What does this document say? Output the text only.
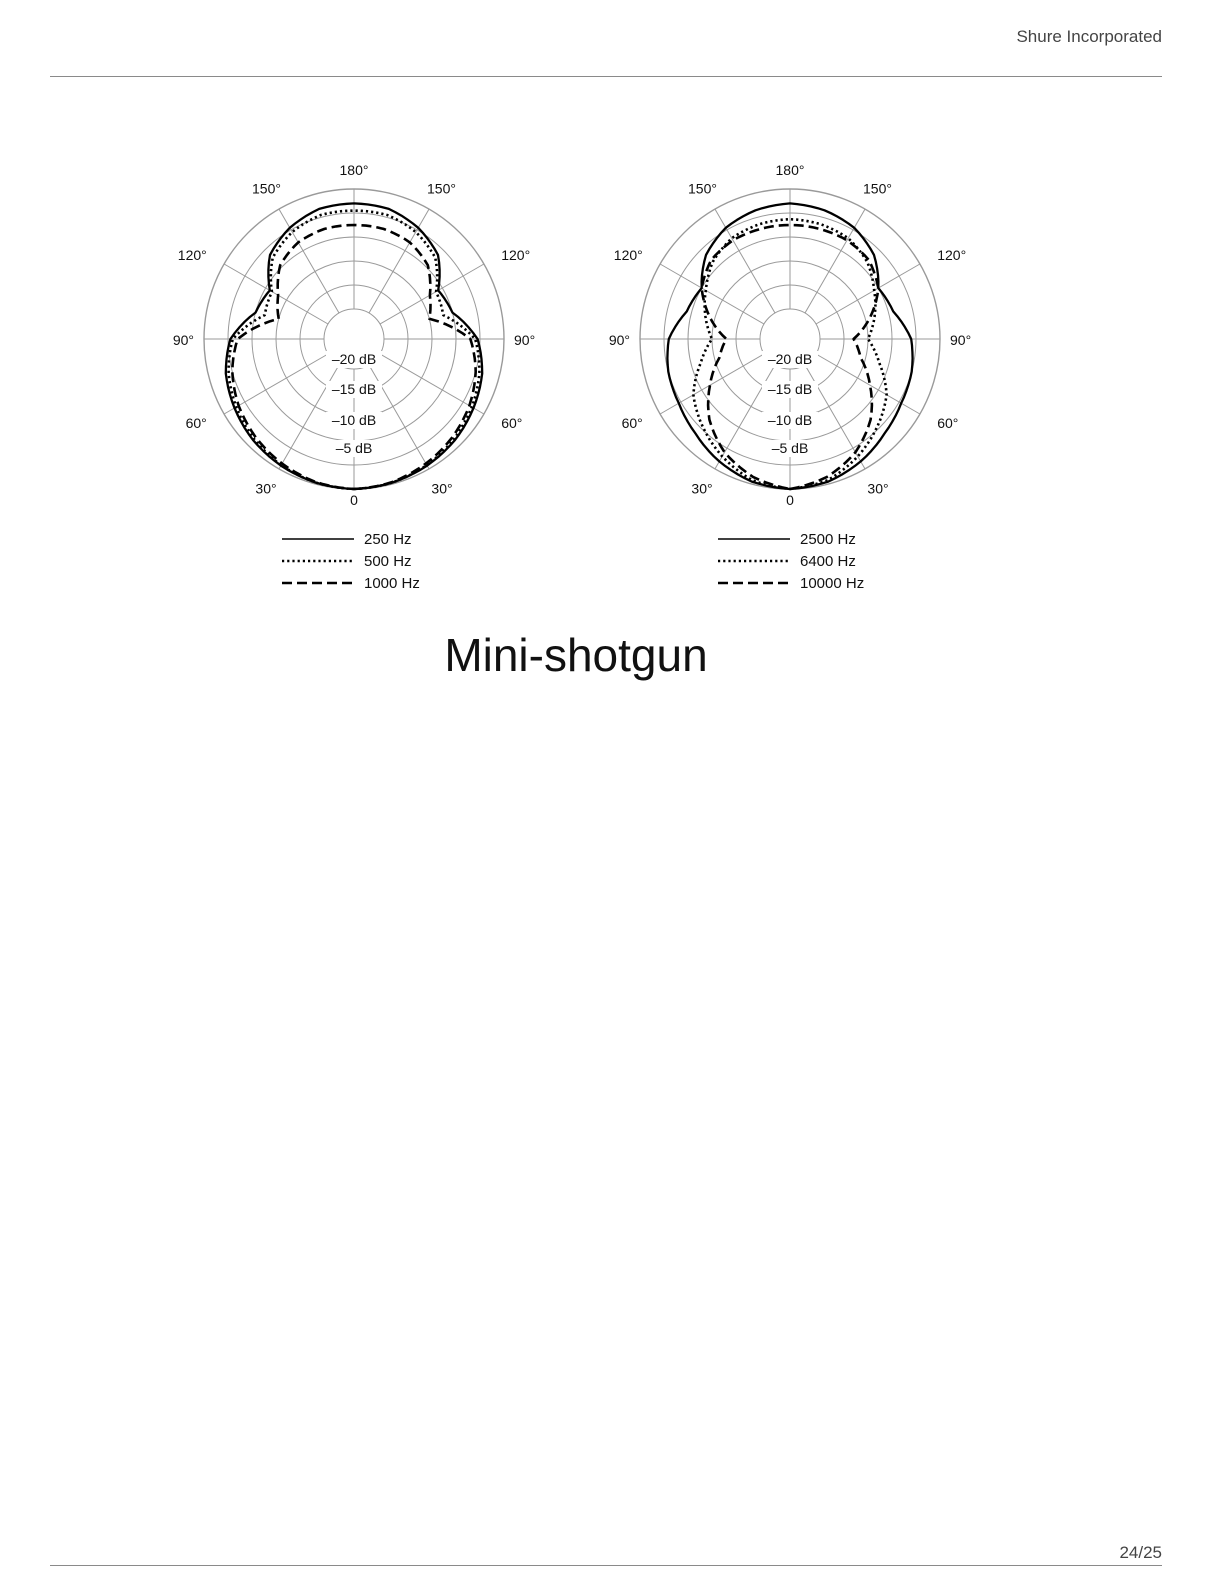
Shure Incorporated
180°
0
150°	150°
120°	120°
90°	90°
60°	60°
30°	30°
–20 dB
–15 dB
–10 dB
–5 dB
250 Hz
500 Hz
1000 Hz
180°
0
150°	150°
120°	120°
90°	90°
60°	60°
30°	30°
–20 dB
–15 dB
–10 dB
–5 dB
2500 Hz
6400 Hz
10000 Hz
Mini-shotgun
24/25
